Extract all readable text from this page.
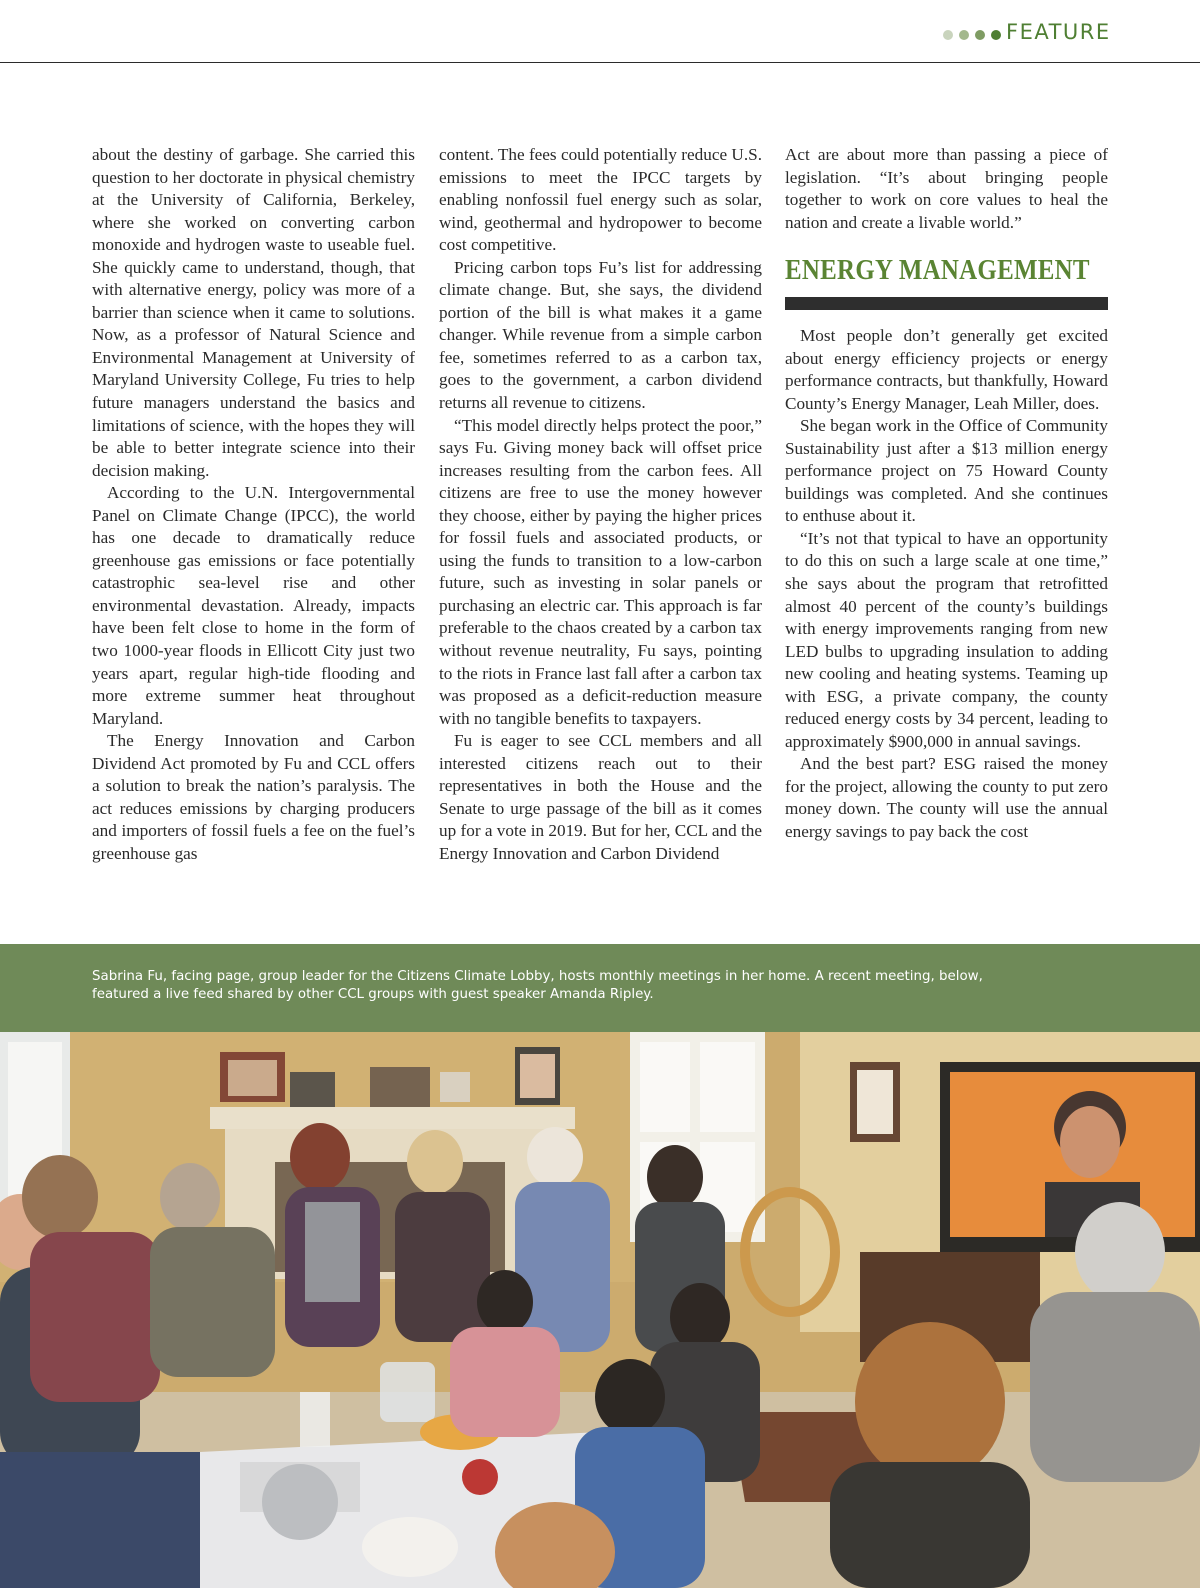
FEATURE

about the destiny of garbage. She carried this question to her doctorate in physical chemistry at the University of California, Berkeley, where she worked on converting carbon monoxide and hydrogen waste to useable fuel. She quickly came to understand, though, that with alternative energy, policy was more of a barrier than science when it came to solutions. Now, as a professor of Natural Science and Environmental Management at University of Maryland University College, Fu tries to help future managers understand the basics and limitations of science, with the hopes they will be able to better integrate science into their decision making.

According to the U.N. Intergovernmental Panel on Climate Change (IPCC), the world has one decade to dramatically reduce greenhouse gas emissions or face potentially catastrophic sea-level rise and other environmental devastation. Already, impacts have been felt close to home in the form of two 1000-year floods in Ellicott City just two years apart, regular high-tide flooding and more extreme summer heat throughout Maryland.

The Energy Innovation and Carbon Dividend Act promoted by Fu and CCL offers a solution to break the nation’s paralysis. The act reduces emissions by charging producers and importers of fossil fuels a fee on the fuel’s greenhouse gas

content. The fees could potentially reduce U.S. emissions to meet the IPCC targets by enabling nonfossil fuel energy such as solar, wind, geothermal and hydropower to become cost competitive.

Pricing carbon tops Fu’s list for addressing climate change. But, she says, the dividend portion of the bill is what makes it a game changer. While revenue from a simple carbon fee, sometimes referred to as a carbon tax, goes to the government, a carbon dividend returns all revenue to citizens.

“This model directly helps protect the poor,” says Fu. Giving money back will offset price increases resulting from the carbon fees. All citizens are free to use the money however they choose, either by paying the higher prices for fossil fuels and associated products, or using the funds to transition to a low-carbon future, such as investing in solar panels or purchasing an electric car. This approach is far preferable to the chaos created by a carbon tax without revenue neutrality, Fu says, pointing to the riots in France last fall after a carbon tax was proposed as a deficit-reduction measure with no tangible benefits to taxpayers.

Fu is eager to see CCL members and all interested citizens reach out to their representatives in both the House and the Senate to urge passage of the bill as it comes up for a vote in 2019. But for her, CCL and the Energy Innovation and Carbon Dividend

Act are about more than passing a piece of legislation. “It’s about bringing people together to work on core values to heal the nation and create a livable world.”

ENERGY MANAGEMENT

Most people don’t generally get excited about energy efficiency projects or energy performance contracts, but thankfully, Howard County’s Energy Manager, Leah Miller, does.

She began work in the Office of Community Sustainability just after a $13 million energy performance project on 75 Howard County buildings was completed. And she continues to enthuse about it.

“It’s not that typical to have an opportunity to do this on such a large scale at one time,” she says about the program that retrofitted almost 40 percent of the county’s buildings with energy improvements ranging from new LED bulbs to upgrading insulation to adding new cooling and heating systems. Teaming up with ESG, a private company, the county reduced energy costs by 34 percent, leading to approximately $900,000 in annual savings.

And the best part? ESG raised the money for the project, allowing the county to put zero money down. The county will use the annual energy savings to pay back the cost

Sabrina Fu, facing page, group leader for the Citizens Climate Lobby, hosts monthly meetings in her home. A recent meeting, below, featured a live feed shared by other CCL groups with guest speaker Amanda Ripley.
